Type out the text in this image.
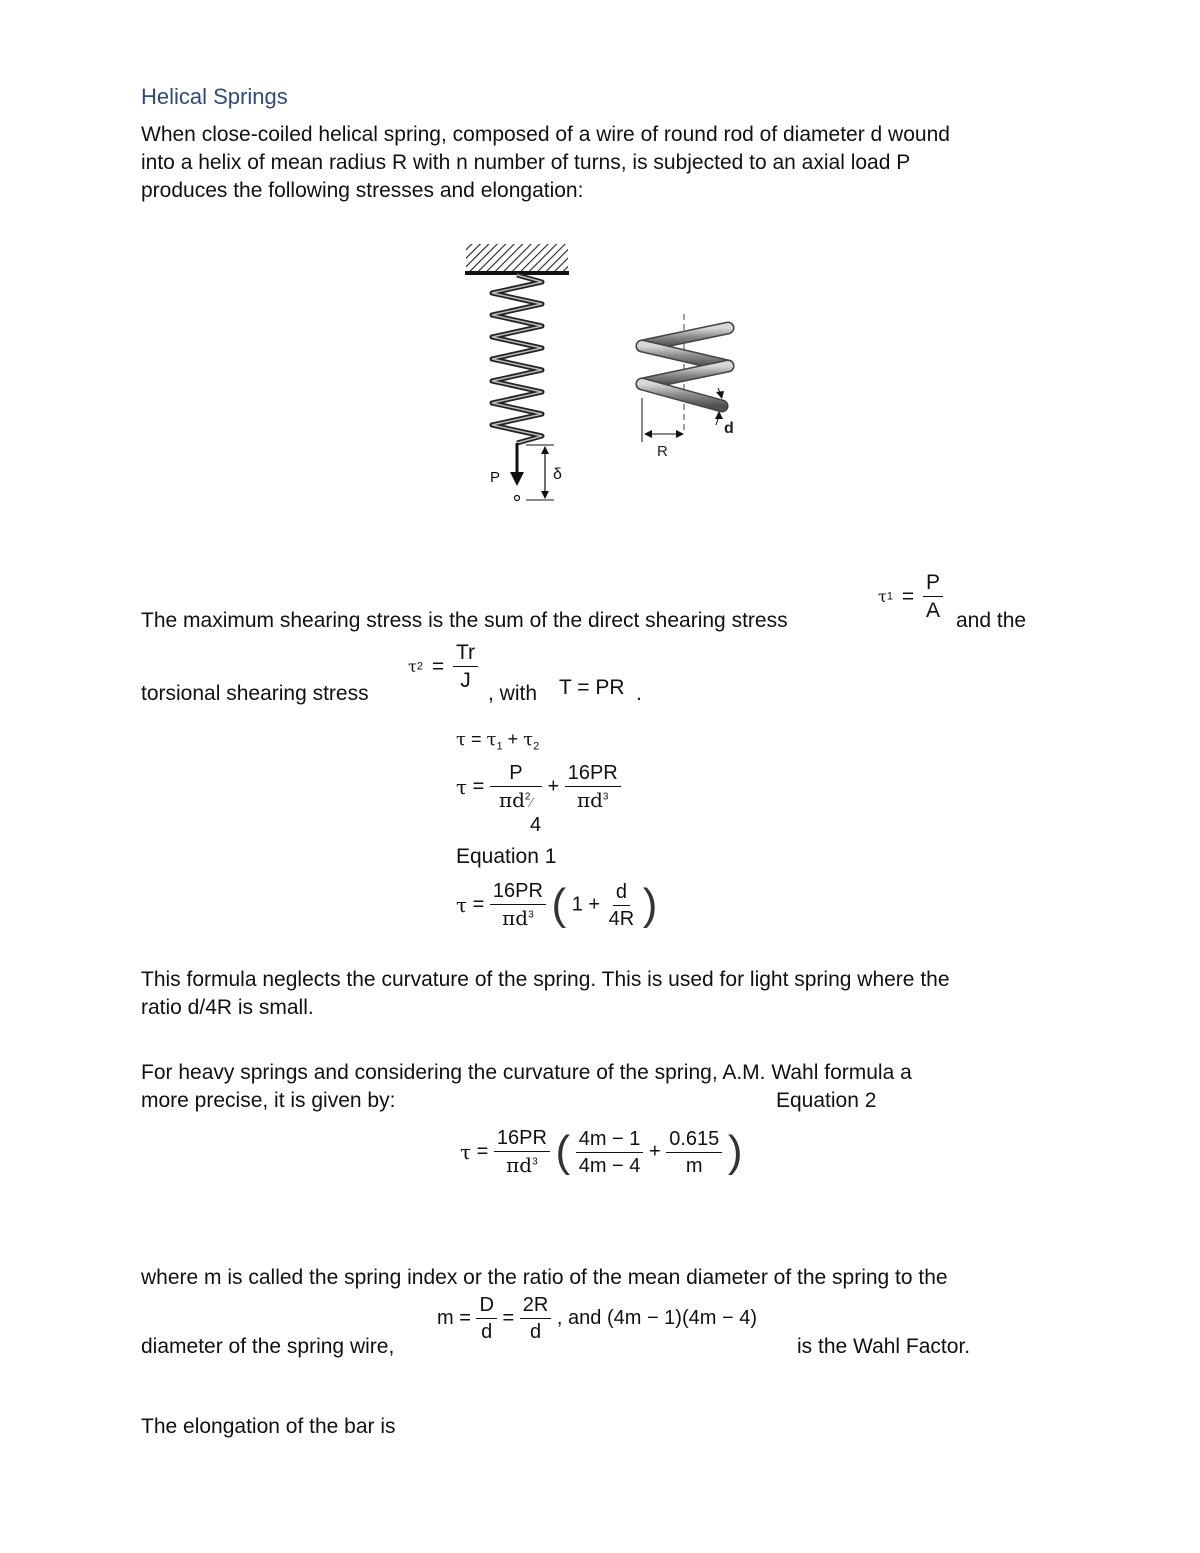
Helical Springs
When close-coiled helical spring, composed of a wire of round rod of diameter d wound
into a helix of mean radius R with n number of turns, is subjected to an axial load P
produces the following stresses and elongation:
P	δ
d
R
The maximum shearing stress is the sum of the direct shearing stress
$\tau 1 = \frac{P}{A}$ and the
torsional shearing stress
$\tau 2 = \frac{Tr}{J}$
, with T = PR .
$\tau = \tau_1 + \tau_2$
$\tau = \frac{P}{\pi d^2⁄} + \frac{16PR}{\pi d^3}$
4
Equation 1
$\tau = \frac{16PR}{\pi d^3}$ ( $1 + \frac{d}{4R}$ )
This formula neglects the curvature of the spring. This is used for light spring where the
ratio d/4R is small.
For heavy springs and considering the curvature of the spring, A.M. Wahl formula a
more precise, it is given by:	Equation 2
$\tau = \frac{16PR}{\pi d^3}$ ( $\frac{4m - 1}{4m - 4} + \frac{0.615}{m}$ )
where m is called the spring index or the ratio of the mean diameter of the spring to the
diameter of the spring wire,
$m = \frac{D}{d} = \frac{2R}{d}$ , and (4m − 1)(4m − 4)
is the Wahl Factor.
The elongation of the bar is
